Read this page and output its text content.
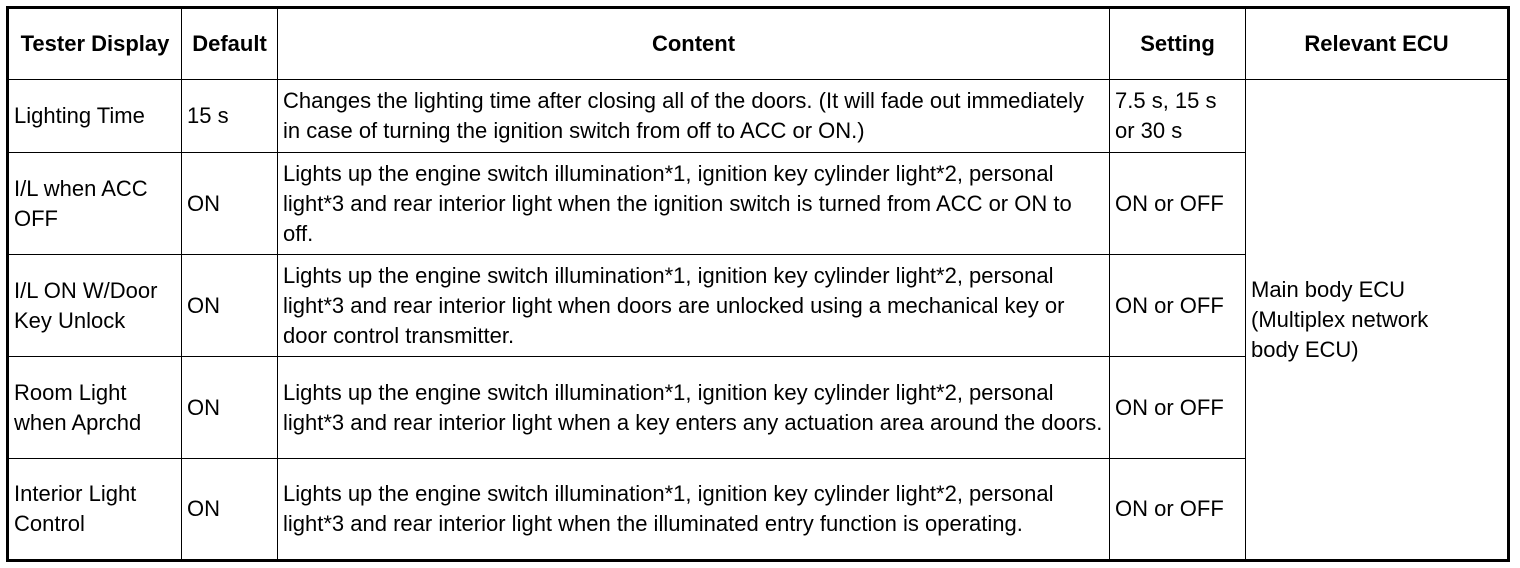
Tester Display	Default	Content	Setting	Relevant ECU
Lighting Time	15 s	Changes the lighting time after closing all of the doors. (It will fade out immediately in case of turning the ignition switch from off to ACC or ON.)	7.5 s, 15 s or 30 s	Main body ECU
(Multiplex network
body ECU)

I/L when ACC OFF	ON	Lights up the engine switch illumination*1, ignition key cylinder light*2, personal light*3 and rear interior light when the ignition switch is turned from ACC or ON to off.	ON or OFF	
I/L ON W/Door Key Unlock	ON	Lights up the engine switch illumination*1, ignition key cylinder light*2, personal light*3 and rear interior light when doors are unlocked using a mechanical key or door control transmitter.	ON or OFF	
Room Light when Aprchd	ON	Lights up the engine switch illumination*1, ignition key cylinder light*2, personal light*3 and rear interior light when a key enters any actuation area around the doors.	ON or OFF	
Interior Light Control	ON	Lights up the engine switch illumination*1, ignition key cylinder light*2, personal light*3 and rear interior light when the illuminated entry function is operating.	ON or OFF	
